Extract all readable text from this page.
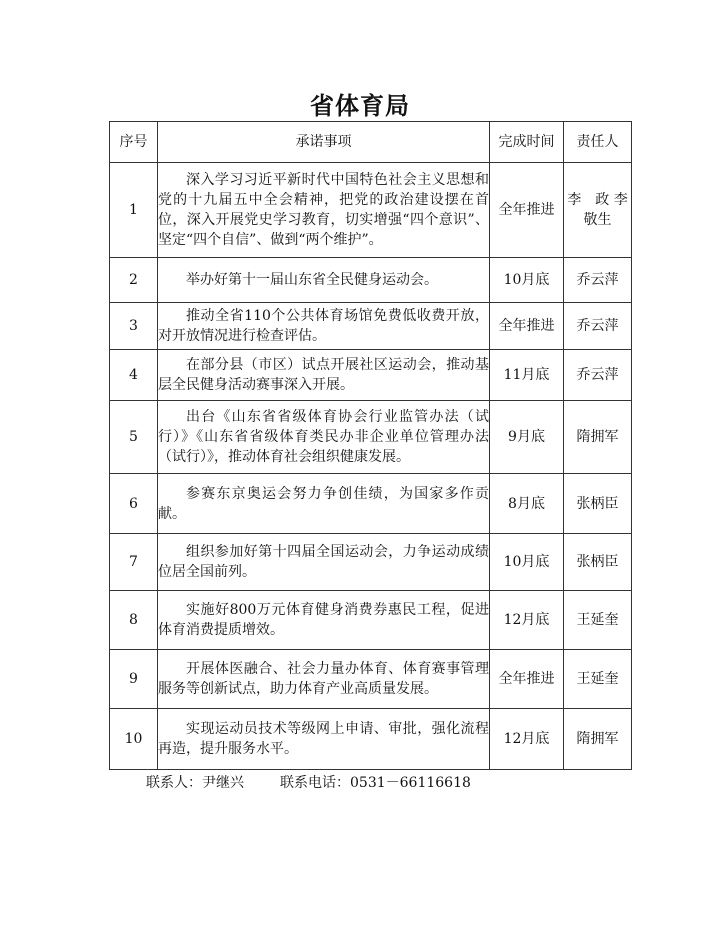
省体育局
序号	承诺事项	完成时间	责任人
1	深入学习习近平新时代中国特色社会主义思想和党的十九届五中全会精神，把党的政治建设摆在首位，深入开展党史学习教育，切实增强“四个意识”、坚定“四个自信”、做到“两个维护”。	全年推进	李　政 李敬生
2	举办好第十一届山东省全民健身运动会。	10月底	乔云萍
3	推动全省110个公共体育场馆免费低收费开放，对开放情况进行检查评估。	全年推进	乔云萍
4	在部分县（市区）试点开展社区运动会，推动基层全民健身活动赛事深入开展。	11月底	乔云萍
5	出台《山东省省级体育协会行业监管办法（试行）》《山东省省级体育类民办非企业单位管理办法（试行）》，推动体育社会组织健康发展。	9月底	隋拥军
6	参赛东京奥运会努力争创佳绩，为国家多作贡献。	8月底	张柄臣
7	组织参加好第十四届全国运动会，力争运动成绩位居全国前列。	10月底	张柄臣
8	实施好800万元体育健身消费券惠民工程，促进体育消费提质增效。	12月底	王延奎
9	开展体医融合、社会力量办体育、体育赛事管理服务等创新试点，助力体育产业高质量发展。	全年推进	王延奎
10	实现运动员技术等级网上申请、审批，强化流程再造，提升服务水平。	12月底	隋拥军
联系人：尹继兴	联系电话：0531－66116618
